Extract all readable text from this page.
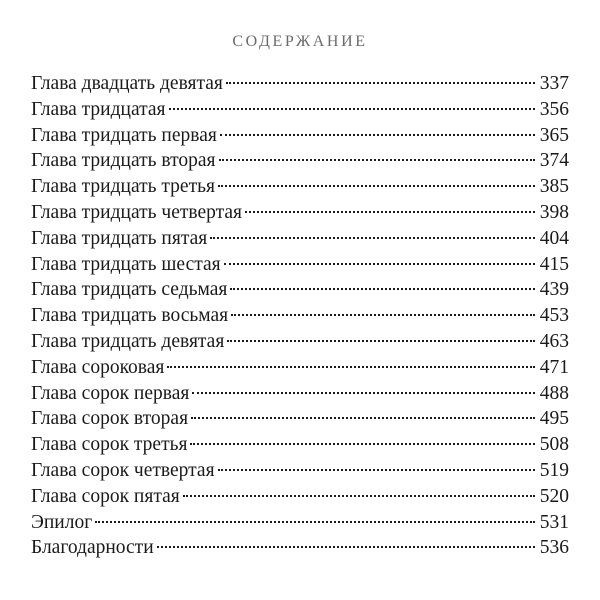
СОДЕРЖАНИЕ
Глава двадцать девятая	337
Глава тридцатая	356
Глава тридцать первая	365
Глава тридцать вторая	374
Глава тридцать третья	385
Глава тридцать четвертая	398
Глава тридцать пятая	404
Глава тридцать шестая	415
Глава тридцать седьмая	439
Глава тридцать восьмая	453
Глава тридцать девятая	463
Глава сороковая	471
Глава сорок первая	488
Глава сорок вторая	495
Глава сорок третья	508
Глава сорок четвертая	519
Глава сорок пятая	520
Эпилог	531
Благодарности	536
